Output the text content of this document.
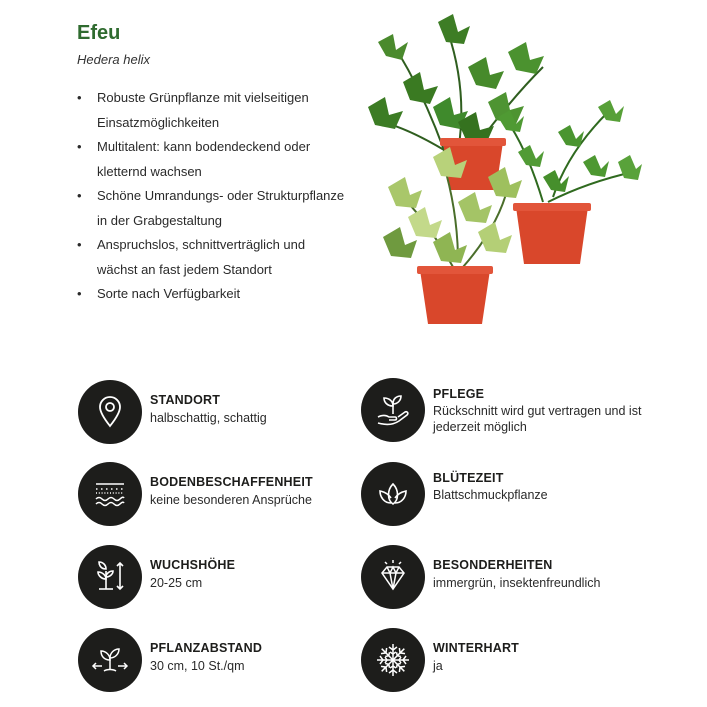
Efeu

Hedera helix

• Robuste Grünpflanze mit vielseitigen Einsatzmöglichkeiten
• Multitalent: kann bodendeckend oder kletternd wachsen
• Schöne Umrandungs- oder Strukturpflanze in der Grabgestaltung
• Anspruchslos, schnittverträglich und wächst an fast jedem Standort
• Sorte nach Verfügbarkeit
STANDORT
halbschattig, schattig
PFLEGE
Rückschnitt wird gut vertragen und ist jederzeit möglich
BODENBESCHAFFENHEIT
keine besonderen Ansprüche
BLÜTEZEIT
Blattschmuckpflanze
WUCHSHÖHE
20-25 cm
BESONDERHEITEN
immergrün, insektenfreundlich
PFLANZABSTAND
30 cm, 10 St./qm
WINTERHART
ja
